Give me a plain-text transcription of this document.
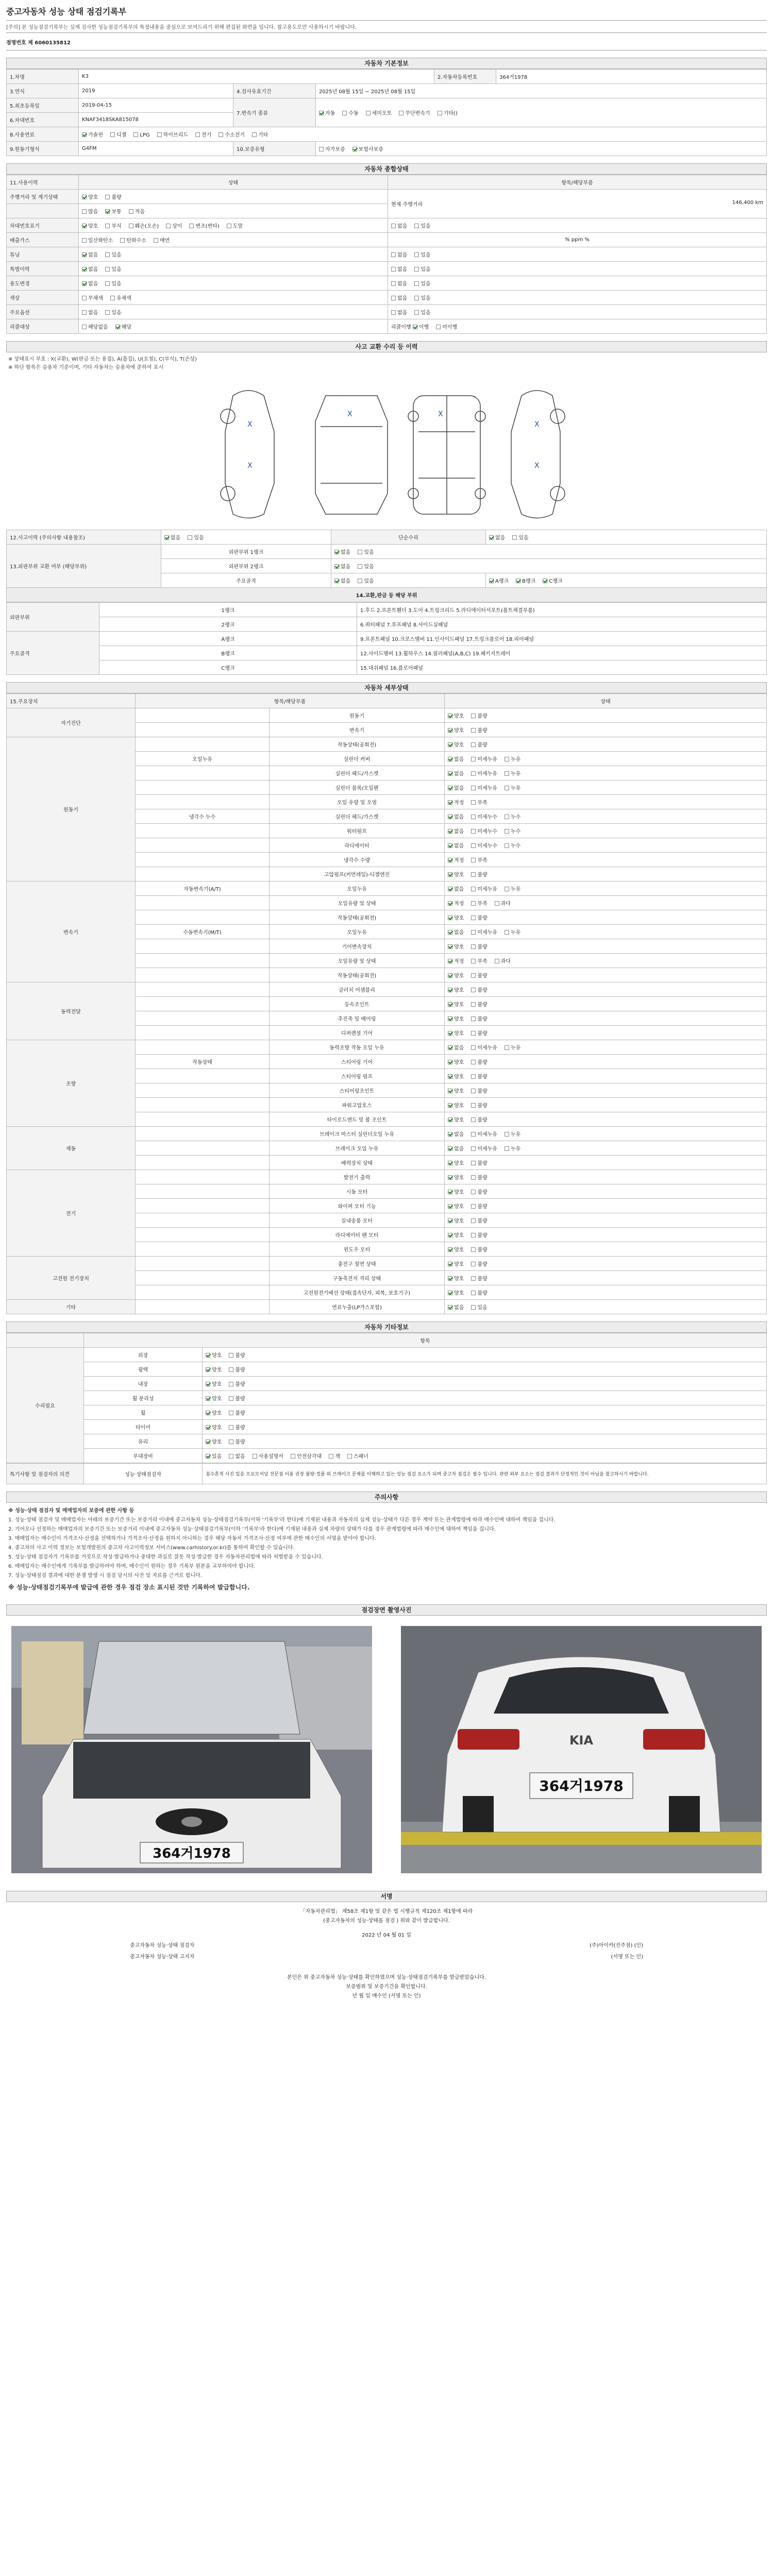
중고자동차 성능 상태 점검기록부
[주의] 본 성능점검기록부는 실제 검사한 성능점검기록부의 특정내용을 중심으로 보여드리기 위해 편집된 화면을 입니다. 참고용도로만 사용하시기 바랍니다.
점명번호 제 6060135812
자동차 기본정보
1.차명	K3			2.자동차등록번호	364거1978
3.연식	2019	4.검사유효기간	2025년 08월 15일 ~ 2025년 08월 15일		
5.최초등록일	2019-04-15	7.변속기 종류	자동 수동 세미오토 무단변속기 기타()		
6.차대번호	KNAF3418SKA815078				
8.사용연료	가솔린 디젤 LPG 하이브리드 전기 수소전기 기타				
9.원동기형식	G4FM	10.보증유형	자가보증 보험사보증		
자동차 종합상태
11.사용이력	상태	항목/해당부품
주행거리 및 계기상태	양호 불량	현재 주행거리 146,400 km

	많음 보통 적음	
차대번호표기	양호 부식 훼손(오손) 상이 변조(변타) 도말	없음 있음
배출가스	일산화탄소 탄화수소 매연	% ppm %
튜닝	없음 있음	없음 있음
특별이력	없음 있음	없음 있음
용도변경	없음 있음	없음 있음
색상	무채색 유채색	없음 있음
주요옵션	없음 있음	없음 있음
리콜대상	해당없음 해당	리콜이행 이행 미이행
사고 교환 수리 등 이력
※ 상태표시 부호 : X(교환), W(판금 또는 용접), A(흠집), U(요철), C(부식), T(손상)
※ 하단 항목은 승용차 기준이며, 기타 자동차는 승용차에 준하여 표시
X
X
X	X
X
X
12.사고이력 (주의사항 내용참조)	없음 있음	단순수리	없음 있음
13.외판부위 교환 여부 (해당부위)	외판부위 1랭크	없음 있음	
	외판부위 2랭크	없음 있음	
	주요골격	없음 있음	A랭크 B랭크 C랭크
14.교환,판금 등 해당 부위			
외판부위	1랭크	1.후드 2.프론트휀더 3.도어 4.트렁크리드 5.라디에이터서포트(볼트체결부품)
	2랭크	6.쿼터패널 7.루프패널 8.사이드실패널
주요골격	A랭크	9.프론트패널 10.크로스멤버 11.인사이드패널 17.트렁크플로어 18.리어패널
	B랭크	12.사이드멤버 13.휠하우스 14.필러패널(A,B,C) 19.패키지트레이
	C랭크	15.대쉬패널 16.플로어패널
자동차 세부상태
15.주요장치	항목/해당부품		상태
자기진단		원동기	양호 불량
		변속기	양호 불량
원동기		작동상태(공회전)	양호 불량
	오일누유	실린더 커버	없음 미세누유 누유
		실린더 헤드/가스켓	없음 미세누유 누유
		실린더 블록/오일팬	없음 미세누유 누유
		오일 유량 및 오염	적정 부족
	냉각수 누수	실린더 헤드/가스켓	없음 미세누수 누수
		워터펌프	없음 미세누수 누수
		라디에이터	없음 미세누수 누수
		냉각수 수량	적정 부족
		고압펌프(커먼레일)-디젤엔진	양호 불량
변속기	자동변속기(A/T)	오일누유	없음 미세누유 누유
		오일유량 및 상태	적정 부족 과다
		작동상태(공회전)	양호 불량
	수동변속기(M/T)	오일누유	없음 미세누유 누유
		기어변속장치	양호 불량
		오일유량 및 상태	적정 부족 과다
		작동상태(공회전)	양호 불량
동력전달		클러치 어셈블리	양호 불량
		등속조인트	양호 불량
		추진축 및 베어링	양호 불량
		디퍼렌셜 기어	양호 불량
조향		동력조향 작동 오일 누유	없음 미세누유 누유
	작동상태	스티어링 기어	양호 불량
		스티어링 펌프	양호 불량
		스티어링조인트	양호 불량
		파워고압호스	양호 불량
		타이로드엔드 및 볼 조인트	양호 불량
제동		브레이크 마스터 실린더오일 누유	없음 미세누유 누유
		브레이크 오일 누유	없음 미세누유 누유
		배력장치 상태	양호 불량
전기		발전기 출력	양호 불량
		시동 모터	양호 불량
		와이퍼 모터 기능	양호 불량
		실내송풍 모터	양호 불량
		라디에이터 팬 모터	양호 불량
		윈도우 모터	양호 불량
고전원 전기장치		충전구 절연 상태	양호 불량
		구동축전지 격리 상태	양호 불량
		고전원전기배선 상태(접속단자, 피복, 보호기구)	양호 불량
기타		연료누출(LP가스포함)	없음 있음
자동차 기타정보
	항목	
수리필요	외장	양호 불량
	광택	양호 불량
	내장	양호 불량
	휠 분리성	양호 불량
	휠	양호 불량
	타이어	양호 불량
	유리	양호 불량
	부대장비	있음 없음 사용설명서 안전삼각대 잭 스패너
특기사항 및 점검자의 의견	성능·상태점검자	침수흔적 사진 있음 프로모셔널 전문점 이용 권장 불량·정품 외 브레이크 문제를 이해하고 있는 성능 점검 요소가 되며 중고차 점검은 필수 입니다. 관련 외부 요소는 점검 결과가 단정적인 것이 아님을 참고하시기 바랍니다.
주의사항

※ 성능·상태 점검자 및 매매업자의 보증에 관한 사항 등

1. 성능·상태 점검자 및 매매업자는 아래의 보증기간 또는 보증거리 이내에 중고자동차 성능·상태점검기록부(이하 '기록부'라 한다)에 기재된 내용과 자동차의 실제 성능·상태가 다른 경우 계약 또는 관계법령에 따라 매수인에 대하여 책임을 집니다.

2. 기어오나 선정하는 매매업자의 보증기간 또는 보증거리 이내에 중고자동차 성능·상태점검기록부(이하 '기록부'라 한다)에 기재된 내용과 실제 차량의 상태가 다를 경우 관계법령에 따라 매수인에 대하여 책임을 집니다.

3. 매매업자는 매수인이 가격조사·산정을 선택하거나 가격조사·산정을 원하지 아니하는 경우 해당 자동차 가격조사·산정 여부에 관한 매수인의 서명을 받아야 합니다.

4. 중고차의 사고 이력 정보는 보험개발원의 중고차 사고이력정보 서비스(www.carhistory.or.kr)를 통하여 확인할 수 있습니다.

5. 성능·상태 점검자가 기록부를 거짓으로 작성·발급하거나 중대한 과실로 잘못 작성·발급한 경우 자동차관리법에 따라 처벌받을 수 있습니다.

6. 매매업자는 매수인에게 기록부를 발급하여야 하며, 매수인이 원하는 경우 기록부 원본을 교부하여야 합니다.

7. 성능·상태점검 결과에 대한 분쟁 발생 시 점검 당시의 사진 및 자료를 근거로 합니다.

※ 성능·상태점검기록부에 발급에 관한 경우 점검 장소 표시된 것만 기록하여 발급합니다.

점검장면 촬영사진
364거1978
KIA
364거1978
서명
「자동차관리법」 제58조 제1항 및 같은 법 시행규칙 제120조 제1항에 따라
(중고자동차의 성능·상태를 점검 ) 위와 같이 발급합니다.
2022 년 04 월 01 일
중고자동차 성능·상태 점검자	(주)아이카(진주점) (인)
중고자동차 성능·상태 고지자	(서명 또는 인)
본인은 위 중고자동차 성능·상태를 확인하였으며 성능·상태점검기록부를 발급받았습니다.
보증범위 및 보증기간을 확인합니다.
년 월 일 매수인 (서명 또는 인)
